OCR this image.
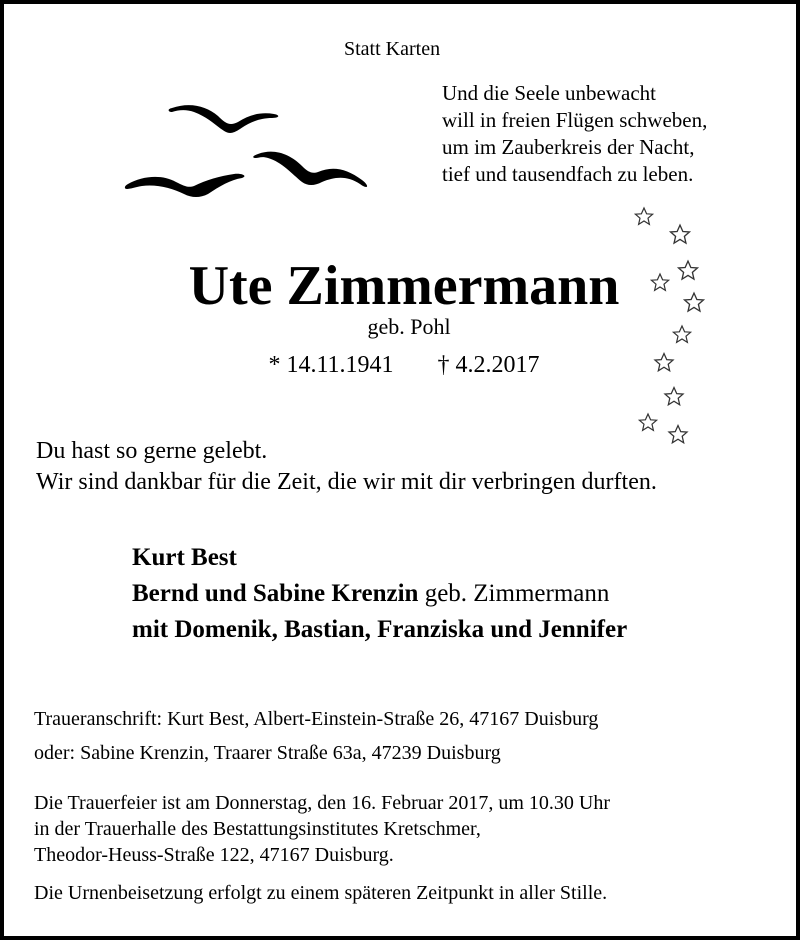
Statt Karten
Und die Seele unbewacht
will in freien Flügen schweben,
um im Zauberkreis der Nacht,
tief und tausendfach zu leben.
Ute Zimmermann
geb. Pohl
* 14.11.1941 † 4.2.2017
Du hast so gerne gelebt.
Wir sind dankbar für die Zeit, die wir mit dir verbringen durften.
Kurt Best
Bernd und Sabine Krenzin geb. Zimmermann
mit Domenik, Bastian, Franziska und Jennifer
Traueranschrift: Kurt Best, Albert-Einstein-Straße 26, 47167 Duisburg
oder: Sabine Krenzin, Traarer Straße 63a, 47239 Duisburg
Die Trauerfeier ist am Donnerstag, den 16. Februar 2017, um 10.30 Uhr
in der Trauerhalle des Bestattungsinstitutes Kretschmer,
Theodor-Heuss-Straße 122, 47167 Duisburg.
Die Urnenbeisetzung erfolgt zu einem späteren Zeitpunkt in aller Stille.
